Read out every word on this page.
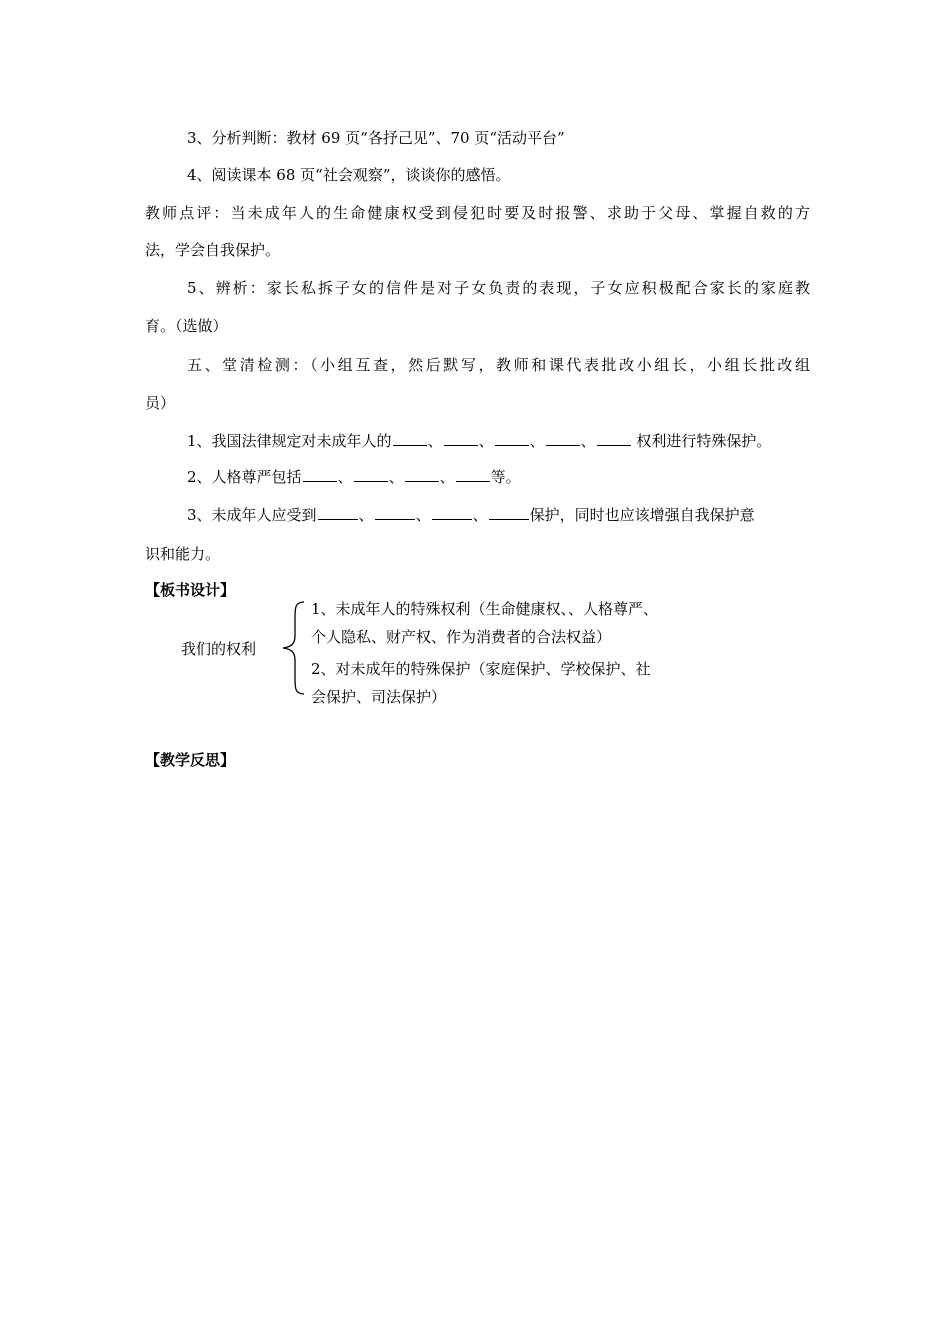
3、分析判断：教材 69 页“各抒己见”、70 页“活动平台”
4、阅读课本 68 页“社会观察”，谈谈你的感悟。
教师点评：当未成年人的生命健康权受到侵犯时要及时报警、求助于父母、掌握自救的方
法，学会自我保护。
5、辨析：家长私拆子女的信件是对子女负责的表现，子女应积极配合家长的家庭教
育。（选做）
五、堂清检测：（小组互查，然后默写，教师和课代表批改小组长，小组长批改组
员）
1、我国法律规定对未成年人的 、 、 、 、 权利进行特殊保护。
2、人格尊严包括 、 、 、 等。
3、未成年人应受到	、	、	、	保护，同时也应该增强自我保护意
识和能力。
【板书设计】
我们的权利
1、未成年人的特殊权利（生命健康权、、人格尊严、
个人隐私、财产权、作为消费者的合法权益）
2、对未成年的特殊保护（家庭保护、学校保护、社
会保护、司法保护）
【教学反思】
